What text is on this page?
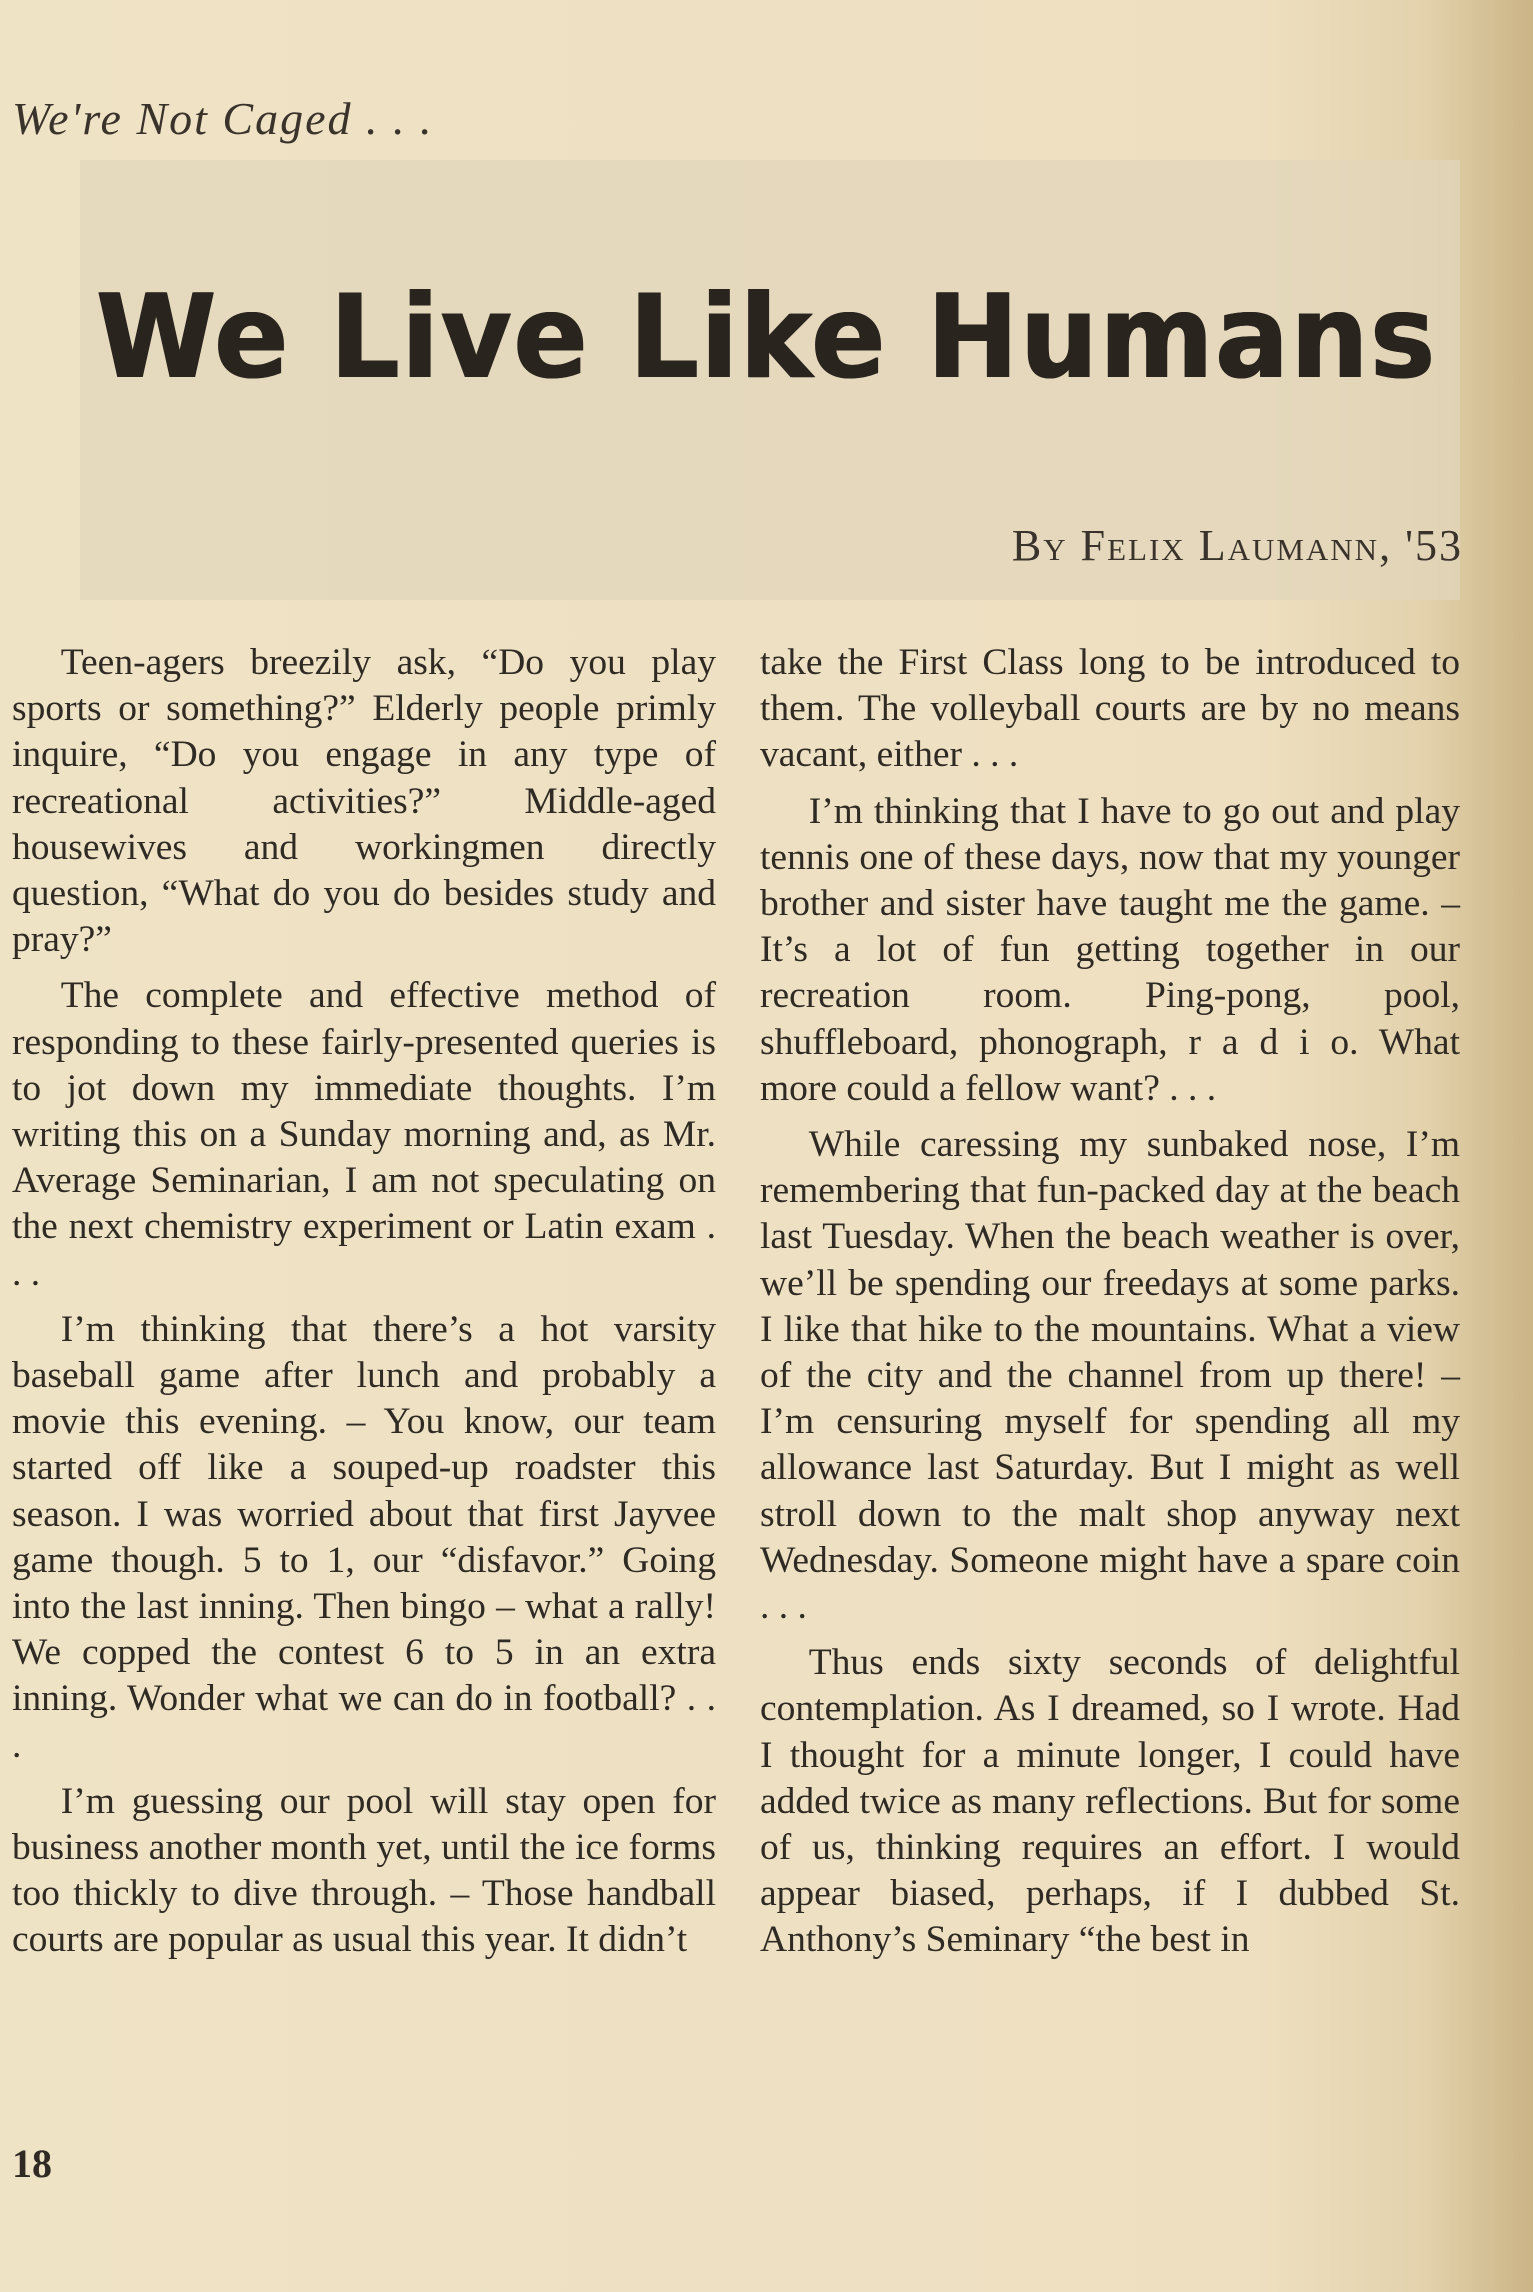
We're Not Caged . . .
We Live Like Humans
By Felix Laumann, '53

Teen-agers breezily ask, “Do you play sports or something?” Elderly people primly inquire, “Do you engage in any type of recreational activities?” Middle-aged housewives and workingmen directly question, “What do you do besides study and pray?”

The complete and effective method of responding to these fairly-presented queries is to jot down my immediate thoughts. I’m writing this on a Sunday morning and, as Mr. Average Seminarian, I am not speculating on the next chemistry experiment or Latin exam . . .

I’m thinking that there’s a hot varsity baseball game after lunch and probably a movie this evening. – You know, our team started off like a souped-up roadster this season. I was worried about that first Jayvee game though. 5 to 1, our “disfavor.” Going into the last inning. Then bingo – what a rally! We copped the contest 6 to 5 in an extra inning. Wonder what we can do in football? . . .

I’m guessing our pool will stay open for business another month yet, until the ice forms too thickly to dive through. – Those handball courts are popular as usual this year. It didn’t

take the First Class long to be introduced to them. The volleyball courts are by no means vacant, either . . .

I’m thinking that I have to go out and play tennis one of these days, now that my younger brother and sister have taught me the game. – It’s a lot of fun getting together in our recreation room. Ping-pong, pool, shuffleboard, phonograph, r a d i o. What more could a fellow want? . . .

While caressing my sunbaked nose, I’m remembering that fun-packed day at the beach last Tuesday. When the beach weather is over, we’ll be spending our freedays at some parks. I like that hike to the mountains. What a view of the city and the channel from up there! – I’m censuring myself for spending all my allowance last Saturday. But I might as well stroll down to the malt shop anyway next Wednesday. Someone might have a spare coin . . .

Thus ends sixty seconds of delightful contemplation. As I dreamed, so I wrote. Had I thought for a minute longer, I could have added twice as many reflections. But for some of us, thinking requires an effort. I would appear biased, perhaps, if I dubbed St. Anthony’s Seminary “the best in

18
